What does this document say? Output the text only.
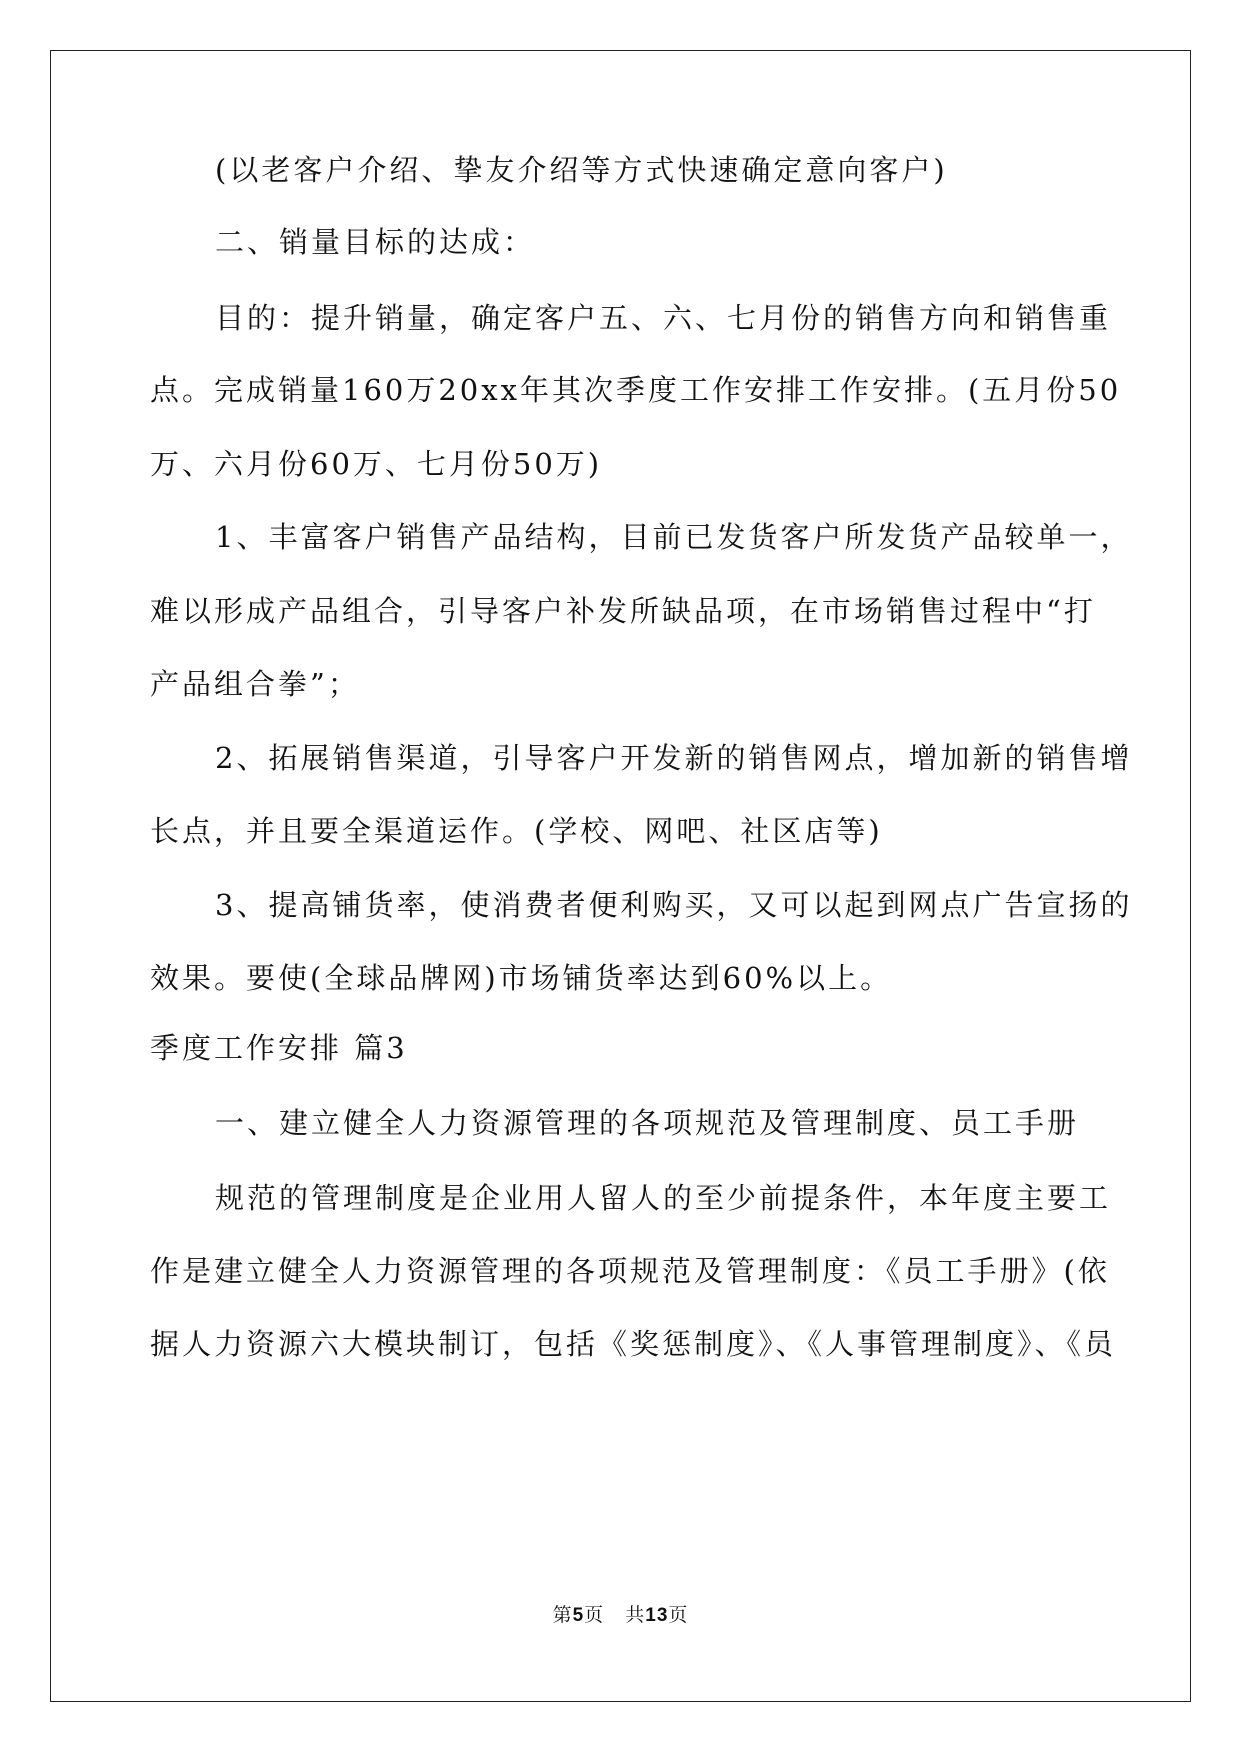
(以老客户介绍、挚友介绍等方式快速确定意向客户)
二、销量目标的达成：
目的：提升销量，确定客户五、六、七月份的销售方向和销售重
点。完成销量160万20xx年其次季度工作安排工作安排。(五月份50
万、六月份60万、七月份50万)
1、丰富客户销售产品结构，目前已发货客户所发货产品较单一，
难以形成产品组合，引导客户补发所缺品项，在市场销售过程中“打
产品组合拳”；
2、拓展销售渠道，引导客户开发新的销售网点，增加新的销售增
长点，并且要全渠道运作。(学校、网吧、社区店等)
3、提高铺货率，使消费者便利购买，又可以起到网点广告宣扬的
效果。要使(全球品牌网)市场铺货率达到60%以上。
季度工作安排 篇3
一、建立健全人力资源管理的各项规范及管理制度、员工手册
规范的管理制度是企业用人留人的至少前提条件，本年度主要工
作是建立健全人力资源管理的各项规范及管理制度：《员工手册》(依
据人力资源六大模块制订，包括《奖惩制度》、《人事管理制度》、《员
第5页   共13页
